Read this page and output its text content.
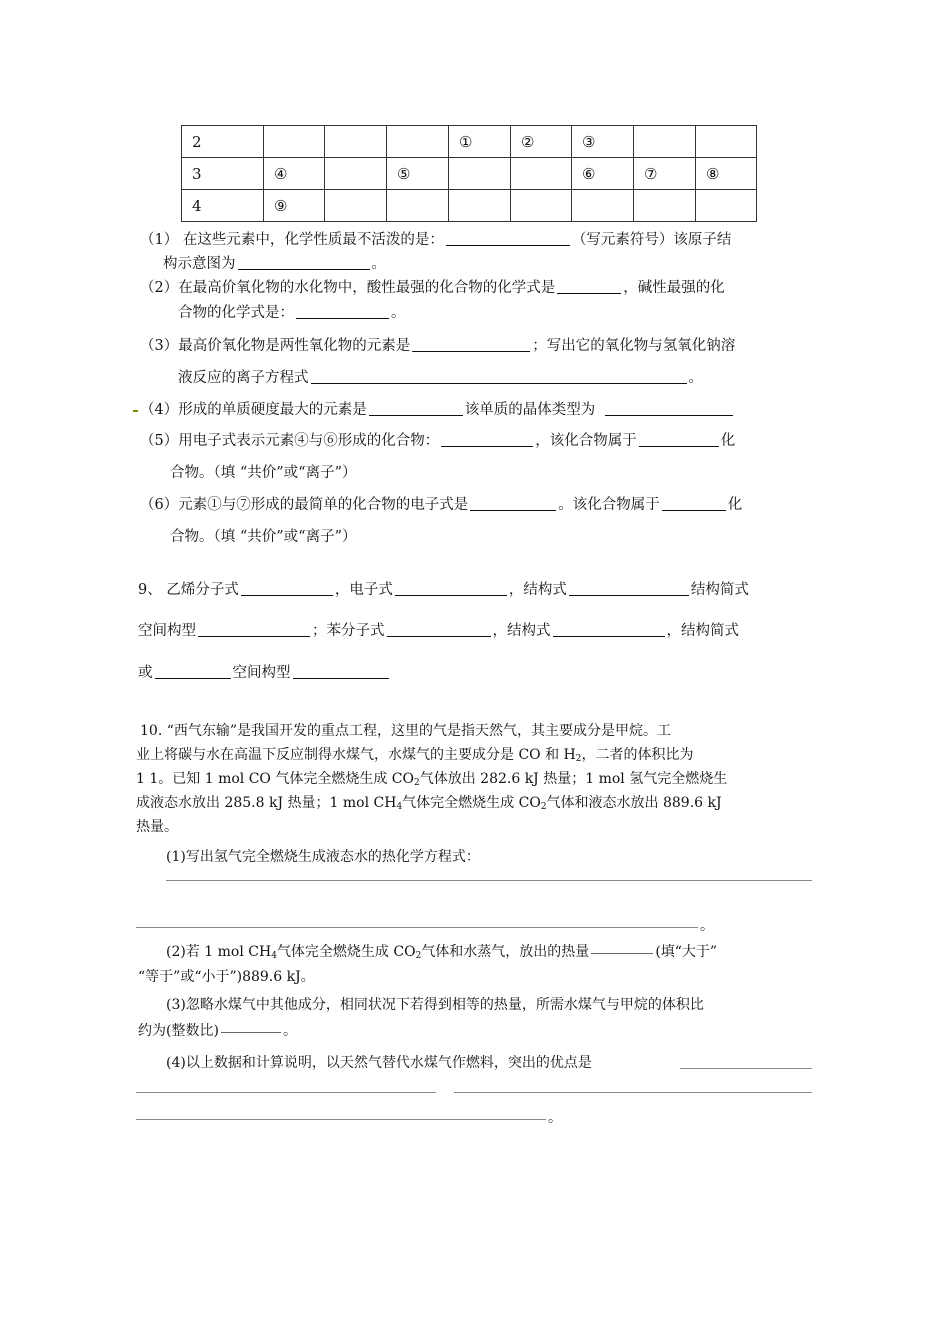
2				①	②	③		
3	④		⑤			⑥	⑦	⑧
4	⑨							
（1） 在这些元素中，化学性质最不活泼的是：	（写元素符号）该原子结
构示意图为	。
（2）在最高价氧化物的水化物中，酸性最强的化合物的化学式是	，碱性最强的化
合物的化学式是：	。
（3）最高价氧化物是两性氧化物的元素是	；写出它的氧化物与氢氧化钠溶
液反应的离子方程式	。
（4）形成的单质硬度最大的元素是	该单质的晶体类型为
（5）用电子式表示元素④与⑥形成的化合物：	，该化合物属于	化
合物。（填 “共价”或“离子”）
（6）元素①与⑦形成的最简单的化合物的电子式是	。该化合物属于	化
合物。（填 “共价”或“离子”）
9、 乙烯分子式	，电子式	，结构式	结构简式
空间构型	；苯分子式	，结构式	，结构简式
或	空间构型
10. “西气东输”是我国开发的重点工程，这里的气是指天然气，其主要成分是甲烷。工
业上将碳与水在高温下反应制得水煤气，水煤气的主要成分是 CO 和 $H_2$，二者的体积比为
1 1。已知 1 mol CO 气体完全燃烧生成 $CO_2$气体放出 282.6 kJ 热量；1 mol 氢气完全燃烧生
成液态水放出 285.8 kJ 热量；1 mol $CH_4$气体完全燃烧生成 $CO_2$气体和液态水放出 889.6 kJ
热量。
(1)写出氢气完全燃烧生成液态水的热化学方程式：
。
(2)若 1 mol $CH_4$气体完全燃烧生成 $CO_2$气体和水蒸气，放出的热量	(填“大于”
“等于”或“小于”)889.6 kJ。
(3)忽略水煤气中其他成分，相同状况下若得到相等的热量，所需水煤气与甲烷的体积比
约为(整数比)	。
(4)以上数据和计算说明，以天然气替代水煤气作燃料，突出的优点是
。
